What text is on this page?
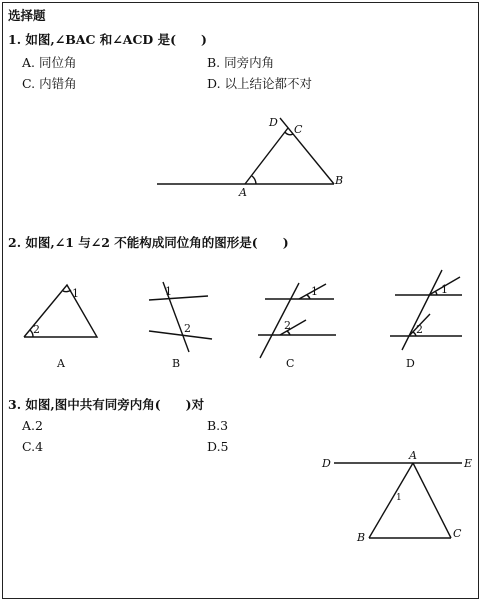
选择题
1. 如图,∠BAC 和∠ACD 是(　　)
A. 同位角	B. 同旁内角
C. 内错角	D. 以上结论都不对
D
C
A
B
2. 如图,∠1 与∠2 不能构成同位角的图形是(　　)
1
2
A
1
2
B
1
2
C
1
2
D
3. 如图,图中共有同旁内角(　　)对
A.2	B.3
C.4	D.5
D
A
E
B	C
1
